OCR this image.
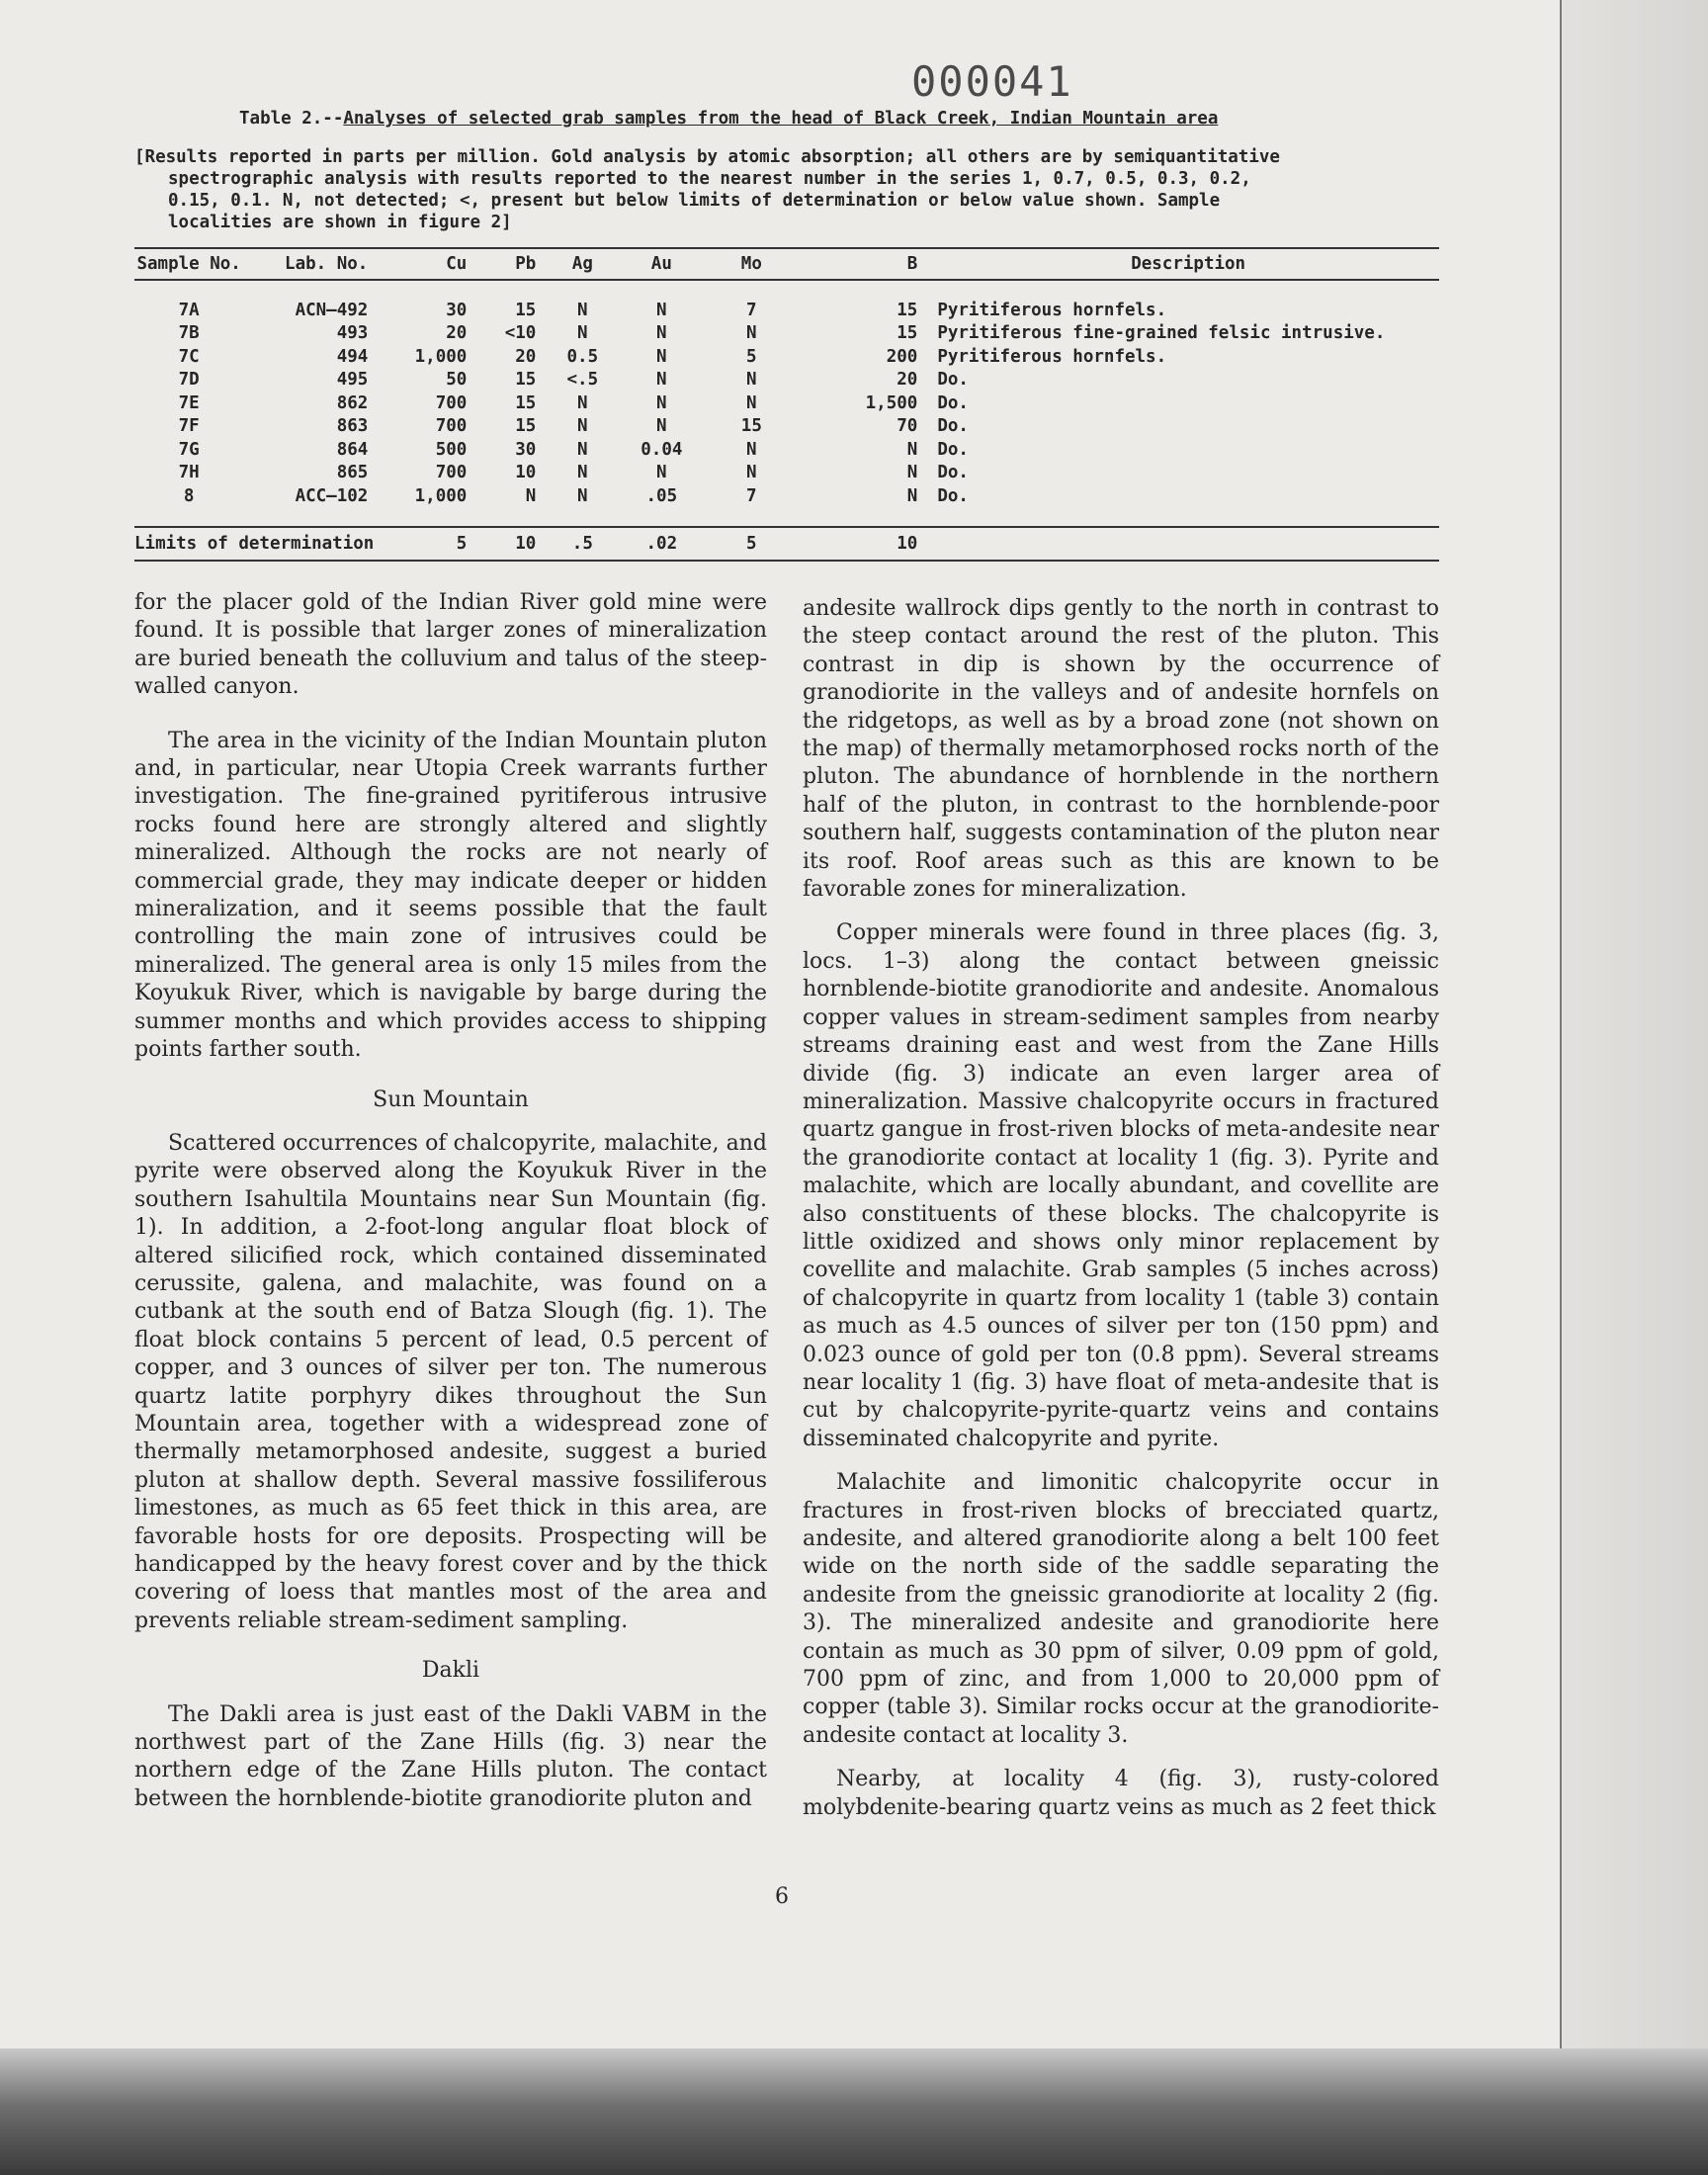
000041
Table 2.--Analyses of selected grab samples from the head of Black Creek, Indian Mountain area
[Results reported in parts per million. Gold analysis by atomic absorption; all others are by semiquantitative
spectrographic analysis with results reported to the nearest number in the series 1, 0.7, 0.5, 0.3, 0.2,
0.15, 0.1. N, not detected; <, present but below limits of determination or below value shown. Sample
localities are shown in figure 2]
Sample No.	Lab. No.	Cu	Pb	Ag	Au	Mo	B	Description

7A	ACN—492	30	15	N	N	7	15	Pyritiferous hornfels.
7B	493	20	<10	N	N	N	15	Pyritiferous fine-grained felsic intrusive.
7C	494	1,000	20	0.5	N	5	200	Pyritiferous hornfels.
7D	495	50	15	<.5	N	N	20	Do.
7E	862	700	15	N	N	N	1,500	Do.
7F	863	700	15	N	N	15	70	Do.
7G	864	500	30	N	0.04	N	N	Do.
7H	865	700	10	N	N	N	N	Do.
8	ACC—102	1,000	N	N	.05	7	N	Do.

Limits of determination		5	10	.5	.02	5	10	

for the placer gold of the Indian River gold mine were found. It is possible that larger zones of mineralization are buried beneath the colluvium and talus of the steep-walled canyon.

The area in the vicinity of the Indian Mountain pluton and, in particular, near Utopia Creek warrants further investigation. The fine-grained pyritiferous intrusive rocks found here are strongly altered and slightly mineralized. Although the rocks are not nearly of commercial grade, they may indicate deeper or hidden mineralization, and it seems possible that the fault controlling the main zone of intrusives could be mineralized. The general area is only 15 miles from the Koyukuk River, which is navigable by barge during the summer months and which provides access to shipping points farther south.

Sun Mountain

Scattered occurrences of chalcopyrite, malachite, and pyrite were observed along the Koyukuk River in the southern Isahultila Mountains near Sun Mountain (fig. 1). In addition, a 2-foot-long angular float block of altered silicified rock, which contained disseminated cerussite, galena, and malachite, was found on a cutbank at the south end of Batza Slough (fig. 1). The float block contains 5 percent of lead, 0.5 percent of copper, and 3 ounces of silver per ton. The numerous quartz latite porphyry dikes throughout the Sun Mountain area, together with a widespread zone of thermally metamorphosed andesite, suggest a buried pluton at shallow depth. Several massive fossiliferous limestones, as much as 65 feet thick in this area, are favorable hosts for ore deposits. Prospecting will be handicapped by the heavy forest cover and by the thick covering of loess that mantles most of the area and prevents reliable stream-sediment sampling.

Dakli

The Dakli area is just east of the Dakli VABM in the northwest part of the Zane Hills (fig. 3) near the northern edge of the Zane Hills pluton. The contact between the hornblende-biotite granodiorite pluton and

andesite wallrock dips gently to the north in contrast to the steep contact around the rest of the pluton. This contrast in dip is shown by the occurrence of granodiorite in the valleys and of andesite hornfels on the ridgetops, as well as by a broad zone (not shown on the map) of thermally metamorphosed rocks north of the pluton. The abundance of hornblende in the northern half of the pluton, in contrast to the hornblende-poor southern half, suggests contamination of the pluton near its roof. Roof areas such as this are known to be favorable zones for mineralization.

Copper minerals were found in three places (fig. 3, locs. 1–3) along the contact between gneissic hornblende-biotite granodiorite and andesite. Anomalous copper values in stream-sediment samples from nearby streams draining east and west from the Zane Hills divide (fig. 3) indicate an even larger area of mineralization. Massive chalcopyrite occurs in fractured quartz gangue in frost-riven blocks of meta-andesite near the granodiorite contact at locality 1 (fig. 3). Pyrite and malachite, which are locally abundant, and covellite are also constituents of these blocks. The chalcopyrite is little oxidized and shows only minor replacement by covellite and malachite. Grab samples (5 inches across) of chalcopyrite in quartz from locality 1 (table 3) contain as much as 4.5 ounces of silver per ton (150 ppm) and 0.023 ounce of gold per ton (0.8 ppm). Several streams near locality 1 (fig. 3) have float of meta-andesite that is cut by chalcopyrite-pyrite-quartz veins and contains disseminated chalcopyrite and pyrite.

Malachite and limonitic chalcopyrite occur in fractures in frost-riven blocks of brecciated quartz, andesite, and altered granodiorite along a belt 100 feet wide on the north side of the saddle separating the andesite from the gneissic granodiorite at locality 2 (fig. 3). The mineralized andesite and granodiorite here contain as much as 30 ppm of silver, 0.09 ppm of gold, 700 ppm of zinc, and from 1,000 to 20,000 ppm of copper (table 3). Similar rocks occur at the granodiorite-andesite contact at locality 3.

Nearby, at locality 4 (fig. 3), rusty-colored molybdenite-bearing quartz veins as much as 2 feet thick

6
